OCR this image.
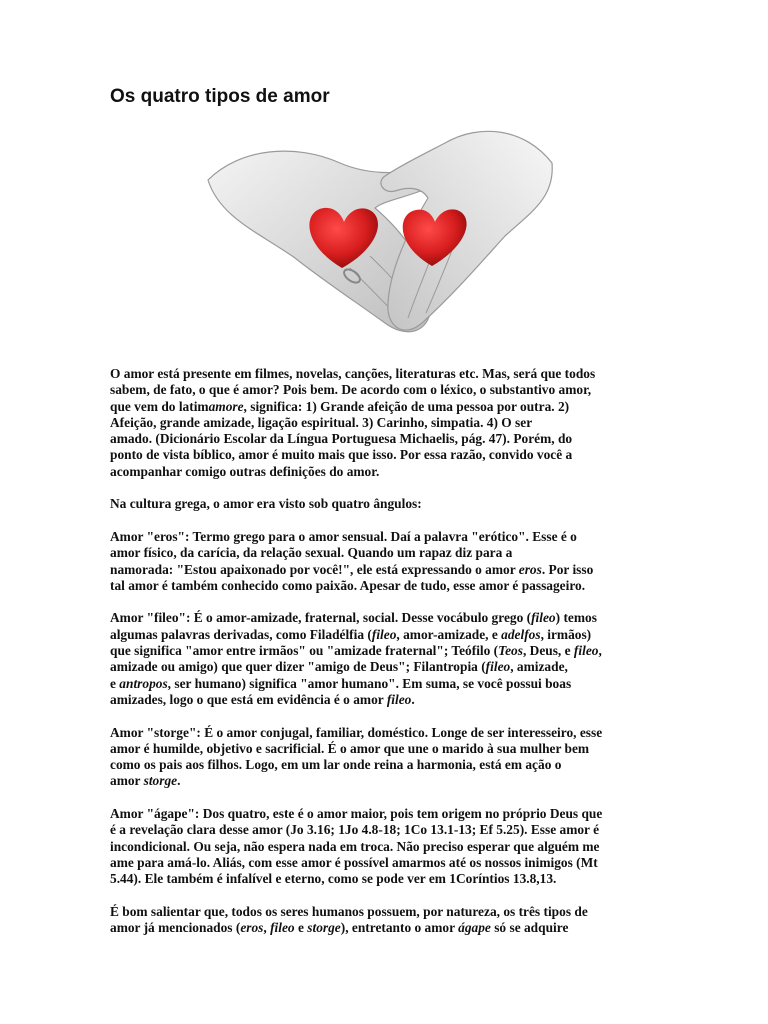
Os quatro tipos de amor

O amor está presente em filmes, novelas, canções, literaturas etc. Mas, será que todos
sabem, de fato, o que é amor? Pois bem. De acordo com o léxico, o substantivo amor,
que vem do latimamore, significa: 1) Grande afeição de uma pessoa por outra. 2)
Afeição, grande amizade, ligação espiritual. 3) Carinho, simpatia. 4) O ser
amado. (Dicionário Escolar da Língua Portuguesa Michaelis, pág. 47). Porém, do
ponto de vista bíblico, amor é muito mais que isso. Por essa razão, convido você a
acompanhar comigo outras definições do amor.

Na cultura grega, o amor era visto sob quatro ângulos:

Amor "eros": Termo grego para o amor sensual. Daí a palavra "erótico". Esse é o
amor físico, da carícia, da relação sexual. Quando um rapaz diz para a
namorada: "Estou apaixonado por você!", ele está expressando o amor eros. Por isso
tal amor é também conhecido como paixão. Apesar de tudo, esse amor é passageiro.

Amor "fileo": É o amor-amizade, fraternal, social. Desse vocábulo grego (fileo) temos
algumas palavras derivadas, como Filadélfia (fileo, amor-amizade, e adelfos, irmãos)
que significa "amor entre irmãos" ou "amizade fraternal"; Teófilo (Teos, Deus, e fileo,
amizade ou amigo) que quer dizer "amigo de Deus"; Filantropia (fileo, amizade,
e antropos, ser humano) significa "amor humano". Em suma, se você possui boas
amizades, logo o que está em evidência é o amor fileo.

Amor "storge": É o amor conjugal, familiar, doméstico. Longe de ser interesseiro, esse
amor é humilde, objetivo e sacrificial. É o amor que une o marido à sua mulher bem
como os pais aos filhos. Logo, em um lar onde reina a harmonia, está em ação o
amor storge.

Amor "ágape": Dos quatro, este é o amor maior, pois tem origem no próprio Deus que
é a revelação clara desse amor (Jo 3.16; 1Jo 4.8-18; 1Co 13.1-13; Ef 5.25). Esse amor é
incondicional. Ou seja, não espera nada em troca. Não preciso esperar que alguém me
ame para amá-lo. Aliás, com esse amor é possível amarmos até os nossos inimigos (Mt
5.44). Ele também é infalível e eterno, como se pode ver em 1Coríntios 13.8,13.

É bom salientar que, todos os seres humanos possuem, por natureza, os três tipos de
amor já mencionados (eros, fileo e storge), entretanto o amor ágape só se adquire
